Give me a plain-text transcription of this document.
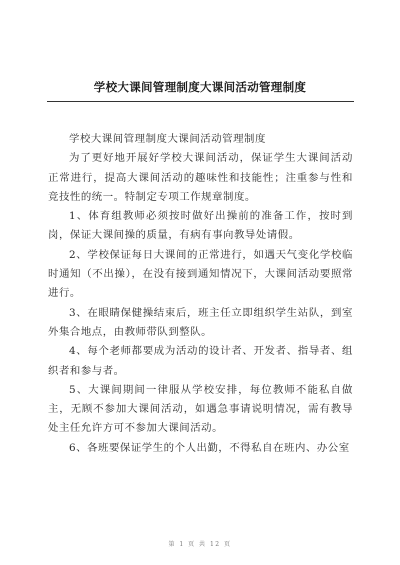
学校大课间管理制度大课间活动管理制度

学校大课间管理制度大课间活动管理制度

为了更好地开展好学校大课间活动，保证学生大课间活动正常进行，提高大课间活动的趣味性和技能性；注重参与性和竞技性的统一。特制定专项工作规章制度。

1、体育组教师必须按时做好出操前的准备工作，按时到岗，保证大课间操的质量，有病有事向教导处请假。

2、学校保证每日大课间的正常进行，如遇天气变化学校临时通知（不出操），在没有接到通知情况下，大课间活动要照常进行。

3、在眼睛保健操结束后，班主任立即组织学生站队，到室外集合地点，由教师带队到整队。

4、每个老师都要成为活动的设计者、开发者、指导者、组织者和参与者。

5、大课间期间一律服从学校安排，每位教师不能私自做主，无顾不参加大课间活动，如遇急事请说明情况，需有教导处主任允许方可不参加大课间活动。

6、各班要保证学生的个人出勤，不得私自在班内、办公室

第 1 页 共 12 页
